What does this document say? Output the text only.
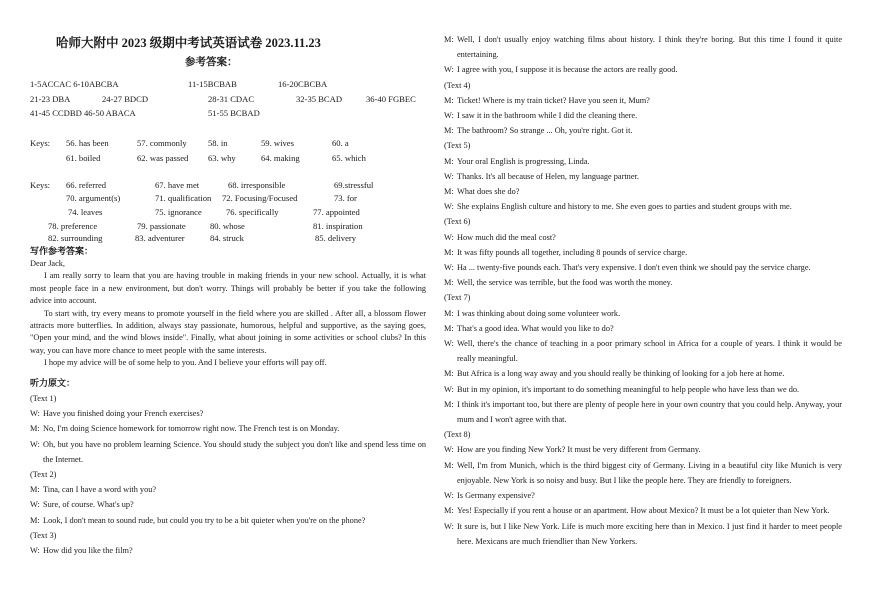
哈师大附中 2023 级期中考试英语试卷 2023.11.23
参考答案：
1-5ACCAC 6-10ABCBA	11-15BCBAB	16-20CBCBA
21-23 DBA	24-27 BDCD	28-31 CDAC	32-35 BCAD	36-40 FGBEC
41-45 CCDBD 46-50 ABACA	51-55 BCBAD
Keys: 56. has been	57. commonly 58. in	59. wives	60. a
61. boiled	62. was passed 63. why	64. making	65. which
Keys: 66. referred	67. have met	68. irresponsible	69.stressful
70. argument(s)	71. qualification 72. Focusing/Focused	73. for
74. leaves	75. ignorance	76. specifically	77. appointed
78. preference	79. passionate	80. whose	81. inspiration
82. surrounding	83. adventurer	84. struck	85. delivery
写作参考答案：

Dear Jack,

I am really sorry to learn that you are having trouble in making friends in your new school. Actually, it is what most people face in a new environment, but don't worry. Things will probably be better if you take the following advice into account.

To start with, try every means to promote yourself in the field where you are skilled . After all, a blossom flower attracts more butterflies. In addition, always stay passionate, humorous, helpful and supportive, as the saying goes, "Open your mind, and the wind blows inside". Finally, what about joining in some activities or school clubs? In this way, you can have more chance to meet people with the same interests.

I hope my advice will be of some help to you. And I believe your efforts will pay off.

听力原文：
(Text 1)
W: Have you finished doing your French exercises?
M: No, I'm doing Science homework for tomorrow right now. The French test is on Monday.
W: Oh, but you have no problem learning Science. You should study the subject you don't like and spend less time on the Internet.
(Text 2)
M: Tina, can I have a word with you?
W: Sure, of course. What's up?
M: Look, I don't mean to sound rude, but could you try to be a bit quieter when you're on the phone?
(Text 3)
W: How did you like the film?
M: Well, I don't usually enjoy watching films about history. I think they're boring. But this time I found it quite entertaining.
W: I agree with you, I suppose it is because the actors are really good.
(Text 4)
M: Ticket! Where is my train ticket? Have you seen it, Mum?
W: I saw it in the bathroom while I did the cleaning there.
M: The bathroom? So strange ... Oh, you're right. Got it.
(Text 5)
M: Your oral English is progressing, Linda.
W: Thanks. It's all because of Helen, my language partner.
M: What does she do?
W: She explains English culture and history to me. She even goes to parties and student groups with me.
(Text 6)
W: How much did the meal cost?
M: It was fifty pounds all together, including 8 pounds of service charge.
W: Ha ... twenty-five pounds each. That's very expensive. I don't even think we should pay the service charge.
M: Well, the service was terrible, but the food was worth the money.
(Text 7)
M: I was thinking about doing some volunteer work.
M: That's a good idea. What would you like to do?
W: Well, there's the chance of teaching in a poor primary school in Africa for a couple of years. I think it would be really meaningful.
M: But Africa is a long way away and you should really be thinking of looking for a job here at home.
W: But in my opinion, it's important to do something meaningful to help people who have less than we do.
M: I think it's important too, but there are plenty of people here in your own country that you could help. Anyway, your mum and I won't agree with that.
(Text 8)
W: How are you finding New York? It must be very different from Germany.
M: Well, I'm from Munich, which is the third biggest city of Germany. Living in a beautiful city like Munich is very enjoyable. New York is so noisy and busy. But I like the people here. They are friendly to foreigners.
W: Is Germany expensive?
M: Yes! Especially if you rent a house or an apartment. How about Mexico? It must be a lot quieter than New York.
W: It sure is, but I like New York. Life is much more exciting here than in Mexico. I just find it harder to meet people here. Mexicans are much friendlier than New Yorkers.
